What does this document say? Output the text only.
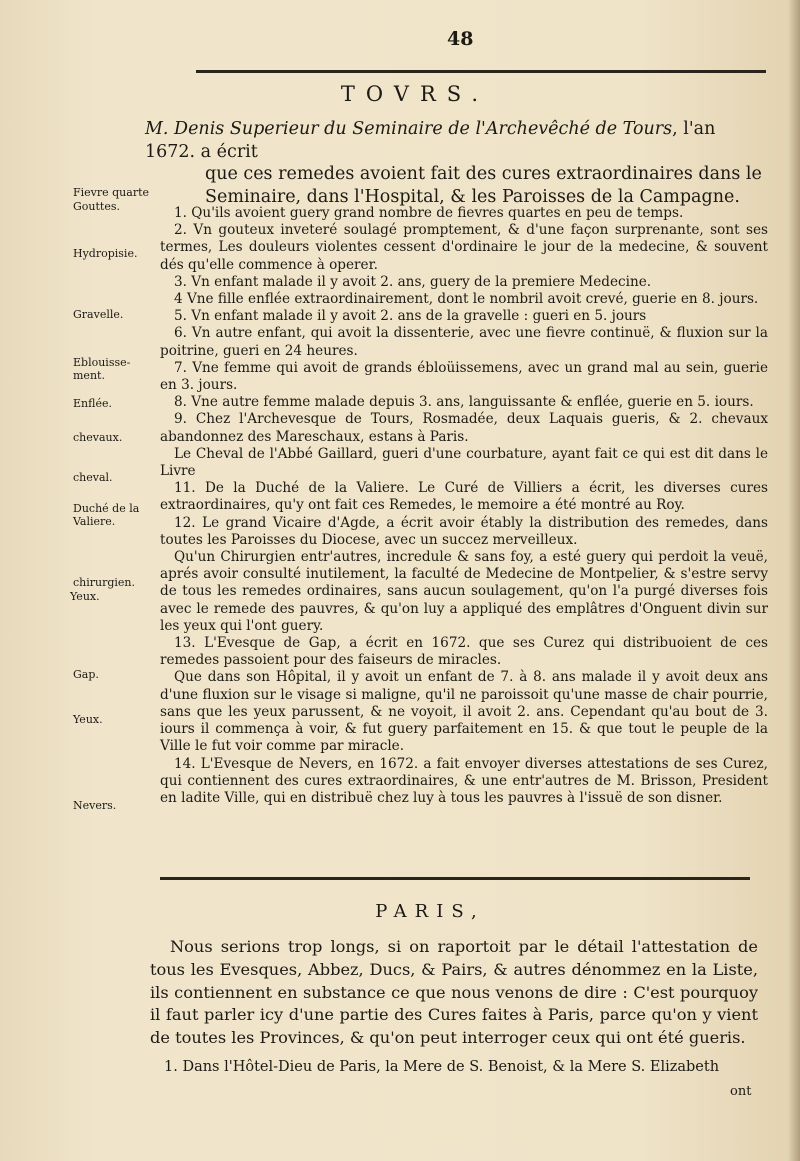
48
TOVRS.

M. Denis Superieur du Seminaire de l'Archevêché de Tours, l'an 1672. a écrit

que ces remedes avoient fait des cures extraordinaires dans le

Seminaire, dans l'Hospital, & les Paroisses de la Campagne.

Fievre quarte
Gouttes.
Hydropisie.
Gravelle.
Eblouisse-ment.
Enflée.
chevaux.
cheval.
Duché de la Valiere.
chirurgien.
Yeux.
Gap.
Yeux.
Nevers.

1. Qu'ils avoient guery grand nombre de fievres quartes en peu de temps.

2. Vn gouteux inveteré soulagé promptement, & d'une façon surprenante, sont ses termes, Les douleurs violentes cessent d'ordinaire le jour de la medecine, & souvent dés qu'elle commence à operer.

3. Vn enfant malade il y avoit 2. ans, guery de la premiere Medecine.

4 Vne fille enflée extraordinairement, dont le nombril avoit crevé, guerie en 8. jours.

5. Vn enfant malade il y avoit 2. ans de la gravelle : gueri en 5. jours

6. Vn autre enfant, qui avoit la dissenterie, avec une fievre continuë, & fluxion sur la poitrine, gueri en 24 heures.

7. Vne femme qui avoit de grands ébloüissemens, avec un grand mal au sein, guerie en 3. jours.

8. Vne autre femme malade depuis 3. ans, languissante & enflée, guerie en 5. iours.

9. Chez l'Archevesque de Tours, Rosmadée, deux Laquais gueris, & 2. chevaux abandonnez des Mareschaux, estans à Paris.

Le Cheval de l'Abbé Gaillard, gueri d'une courbature, ayant fait ce qui est dit dans le Livre

11. De la Duché de la Valiere. Le Curé de Villiers a écrit, les diverses cures extraordinaires, qu'y ont fait ces Remedes, le memoire a été montré au Roy.

12. Le grand Vicaire d'Agde, a écrit avoir étably la distribution des remedes, dans toutes les Paroisses du Diocese, avec un succez merveilleux.

Qu'un Chirurgien entr'autres, incredule & sans foy, a esté guery qui perdoit la veuë, aprés avoir consulté inutilement, la faculté de Medecine de Montpelier, & s'estre servy de tous les remedes ordinaires, sans aucun soulagement, qu'on l'a purgé diverses fois avec le remede des pauvres, & qu'on luy a appliqué des emplâtres d'Onguent divin sur les yeux qui l'ont guery.

13. L'Evesque de Gap, a écrit en 1672. que ses Curez qui distribuoient de ces remedes passoient pour des faiseurs de miracles.

Que dans son Hôpital, il y avoit un enfant de 7. à 8. ans malade il y avoit deux ans d'une fluxion sur le visage si maligne, qu'il ne paroissoit qu'une masse de chair pourrie, sans que les yeux parussent, & ne voyoit, il avoit 2. ans. Cependant qu'au bout de 3. iours il commença à voir, & fut guery parfaitement en 15. & que tout le peuple de la Ville le fut voir comme par miracle.

14. L'Evesque de Nevers, en 1672. a fait envoyer diverses attestations de ses Curez, qui contiennent des cures extraordinaires, & une entr'autres de M. Brisson, President en ladite Ville, qui en distribuë chez luy à tous les pauvres à l'issuë de son disner.

PARIS,

Nous serions trop longs, si on raportoit par le détail l'attestation de tous les Evesques, Abbez, Ducs, & Pairs, & autres dénommez en la Liste, ils contiennent en substance ce que nous venons de dire : C'est pourquoy il faut parler icy d'une partie des Cures faites à Paris, parce qu'on y vient de toutes les Provinces, & qu'on peut interroger ceux qui ont été gueris.

1. Dans l'Hôtel-Dieu de Paris, la Mere de S. Benoist, & la Mere S. Elizabeth

ont
